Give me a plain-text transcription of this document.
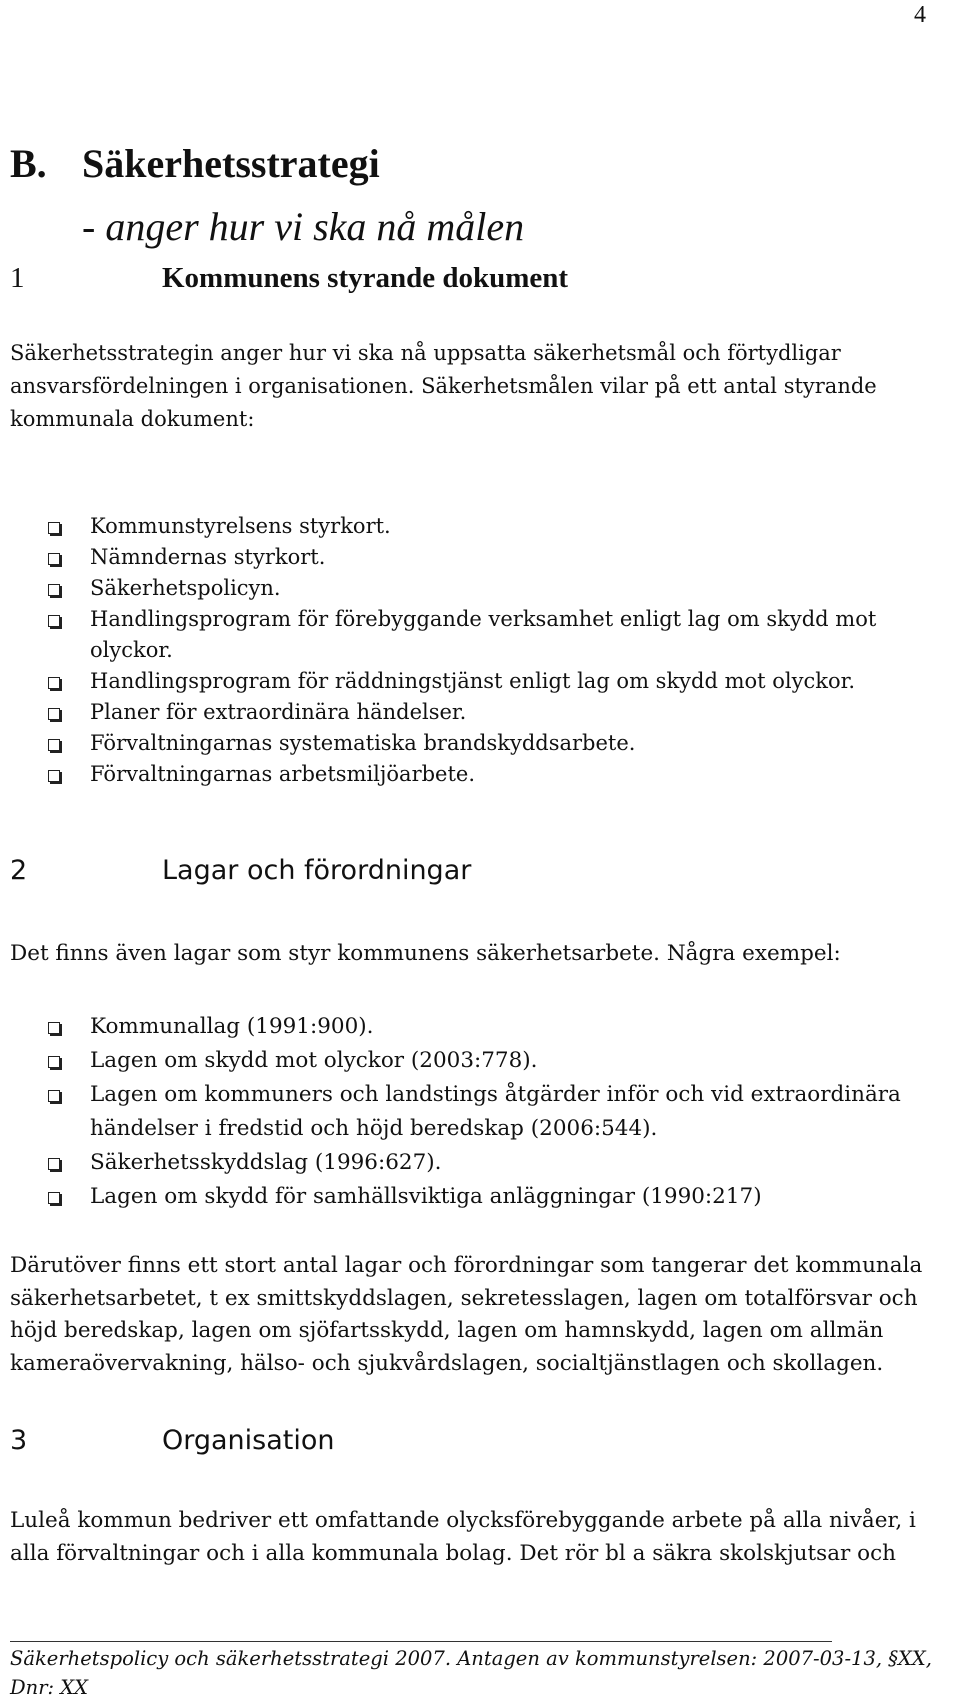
4
B. Säkerhetsstrategi
- anger hur vi ska nå målen
1	Kommunens styrande dokument

Säkerhetsstrategin anger hur vi ska nå uppsatta säkerhetsmål och förtydligar ansvarsfördelningen i organisationen. Säkerhetsmålen vilar på ett antal styrande kommunala dokument:

Kommunstyrelsens styrkort.
Nämndernas styrkort.
Säkerhetspolicyn.
Handlingsprogram för förebyggande verksamhet enligt lag om skydd mot olyckor.
Handlingsprogram för räddningstjänst enligt lag om skydd mot olyckor.
Planer för extraordinära händelser.
Förvaltningarnas systematiska brandskyddsarbete.
Förvaltningarnas arbetsmiljöarbete.
2	Lagar och förordningar

Det finns även lagar som styr kommunens säkerhetsarbete. Några exempel:

Kommunallag (1991:900).
Lagen om skydd mot olyckor (2003:778).
Lagen om kommuners och landstings åtgärder inför och vid extraordinära händelser i fredstid och höjd beredskap (2006:544).
Säkerhetsskyddslag (1996:627).
Lagen om skydd för samhällsviktiga anläggningar (1990:217)

Därutöver finns ett stort antal lagar och förordningar som tangerar det kommunala säkerhetsarbetet, t ex smittskyddslagen, sekretesslagen, lagen om totalförsvar och höjd beredskap, lagen om sjöfartsskydd, lagen om hamnskydd, lagen om allmän kameraövervakning, hälso- och sjukvårdslagen, socialtjänstlagen och skollagen.

3	Organisation

Luleå kommun bedriver ett omfattande olycksförebyggande arbete på alla nivåer, i alla förvaltningar och i alla kommunala bolag. Det rör bl a säkra skolskjutsar och

Säkerhetspolicy och säkerhetsstrategi 2007. Antagen av kommunstyrelsen: 2007-03-13, §XX, Dnr: XX
